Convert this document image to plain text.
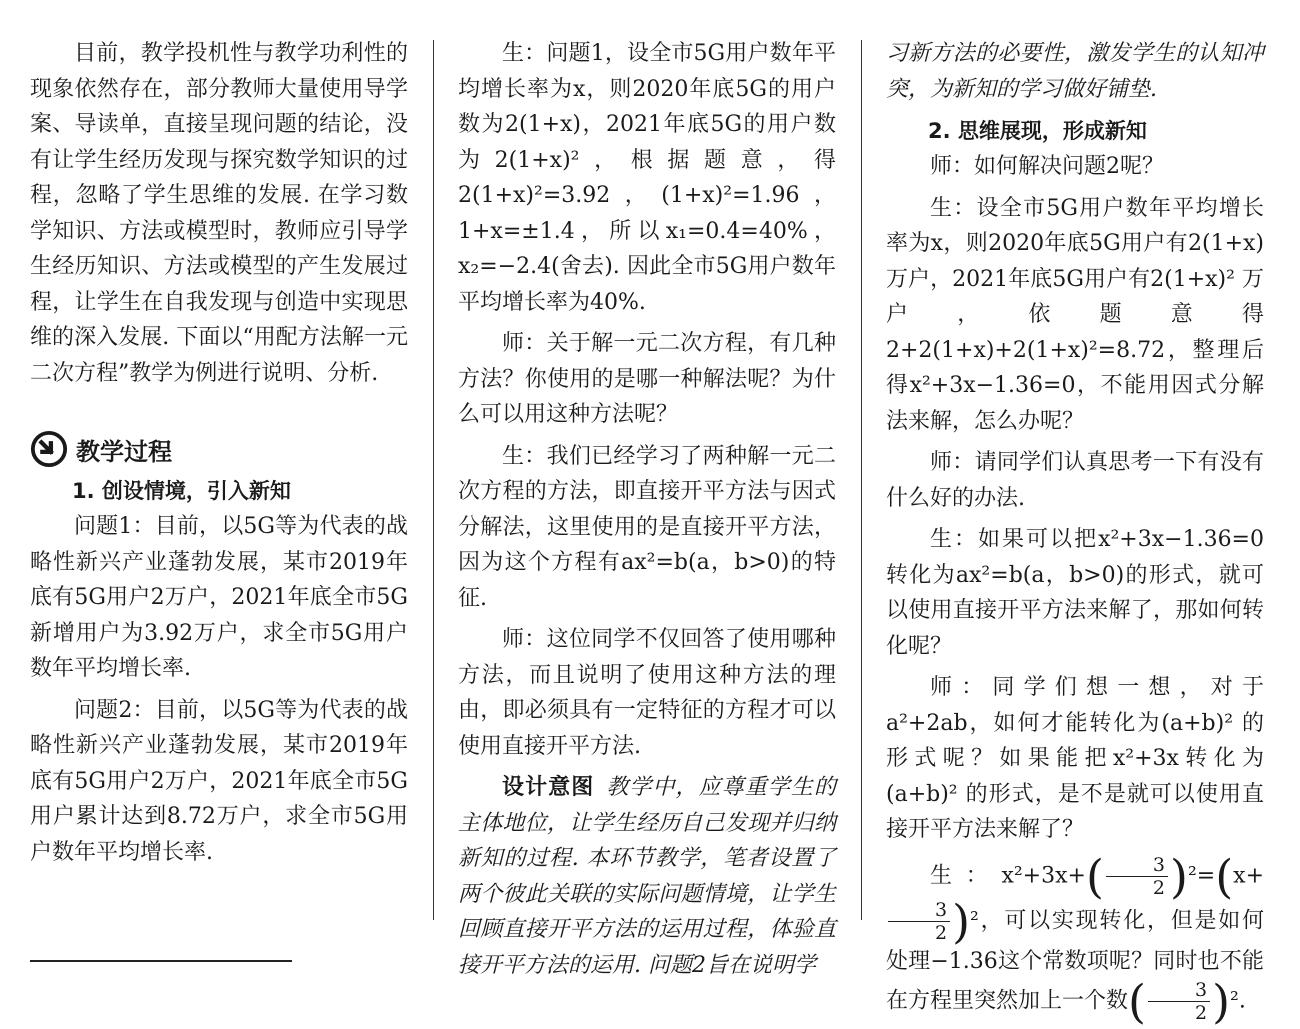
目前，教学投机性与教学功利性的现象依然存在，部分教师大量使用导学案、导读单，直接呈现问题的结论，没有让学生经历发现与探究数学知识的过程，忽略了学生思维的发展. 在学习数学知识、方法或模型时，教师应引导学生经历知识、方法或模型的产生发展过程，让学生在自我发现与创造中实现思维的深入发展. 下面以“用配方法解一元二次方程”教学为例进行说明、分析.

教学过程
1. 创设情境，引入新知

问题1：目前，以5G等为代表的战略性新兴产业蓬勃发展，某市2019年底有5G用户2万户，2021年底全市5G新增用户为3.92万户，求全市5G用户数年平均增长率.

问题2：目前，以5G等为代表的战略性新兴产业蓬勃发展，某市2019年底有5G用户2万户，2021年底全市5G用户累计达到8.72万户，求全市5G用户数年平均增长率.

生：问题1，设全市5G用户数年平均增长率为x，则2020年底5G的用户数为2(1+x)，2021年底5G的用户数为2(1+x)²，根据题意，得2(1+x)²=3.92，(1+x)²=1.96，1+x=±1.4，所以x₁=0.4=40%，x₂=−2.4(舍去). 因此全市5G用户数年平均增长率为40%.

师：关于解一元二次方程，有几种方法？你使用的是哪一种解法呢？为什么可以用这种方法呢？

生：我们已经学习了两种解一元二次方程的方法，即直接开平方法与因式分解法，这里使用的是直接开平方法，因为这个方程有ax²=b(a，b>0)的特征.

师：这位同学不仅回答了使用哪种方法，而且说明了使用这种方法的理由，即必须具有一定特征的方程才可以使用直接开平方法.

设计意图  教学中，应尊重学生的主体地位，让学生经历自己发现并归纳新知的过程. 本环节教学，笔者设置了两个彼此关联的实际问题情境，让学生回顾直接开平方法的运用过程，体验直接开平方法的运用. 问题2旨在说明学

习新方法的必要性，激发学生的认知冲突，为新知的学习做好铺垫.

2. 思维展现，形成新知

师：如何解决问题2呢？

生：设全市5G用户数年平均增长率为x，则2020年底5G用户有2(1+x)万户，2021年底5G用户有2(1+x)² 万户，依题意得2+2(1+x)+2(1+x)²=8.72，整理后得x²+3x−1.36=0，不能用因式分解法来解，怎么办呢？

师：请同学们认真思考一下有没有什么好的办法.

生：如果可以把x²+3x−1.36=0转化为ax²=b(a，b>0)的形式，就可以使用直接开平方法来解了，那如何转化呢？

师：同学们想一想，对于a²+2ab，如何才能转化为(a+b)² 的形式呢？如果能把x²+3x转化为(a+b)² 的形式，是不是就可以使用直接开平方法来解了？

生：$x^2+3x+( \frac{3}{2} )^2=(x+$
$\frac{3}{2} )^2$，可以实现转化，但是如何处理−1.36这个常数项呢？同时也不能在方程里突然加上一个数( $\frac{3}{2} )^2$.
